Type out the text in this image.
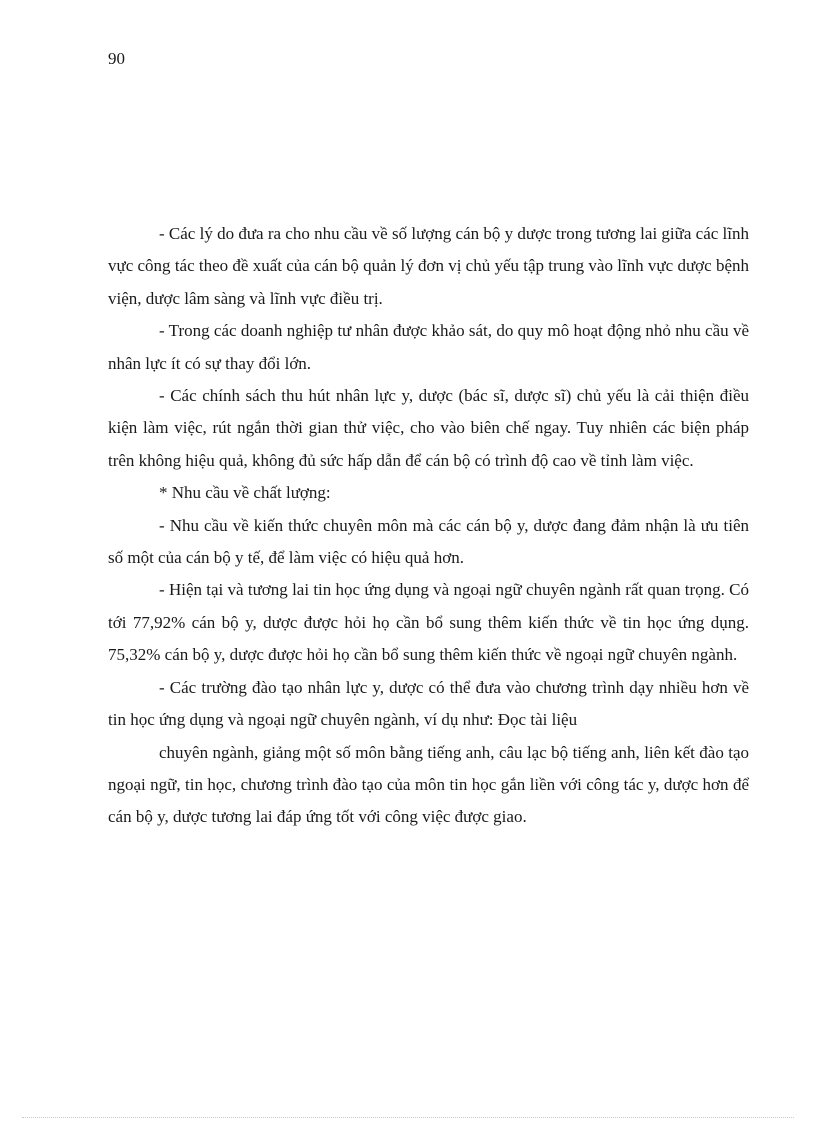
90

- Các lý do đưa ra cho nhu cầu về số lượng cán bộ y dược trong tương lai giữa các lĩnh vực công tác theo đề xuất của cán bộ quản lý đơn vị chủ yếu tập trung vào lĩnh vực dược bệnh viện, dược lâm sàng và lĩnh vực điều trị.

- Trong các doanh nghiệp tư nhân được khảo sát, do quy mô hoạt động nhỏ nhu cầu về nhân lực ít có sự thay đổi lớn.

- Các chính sách thu hút nhân lực y, dược (bác sĩ, dược sĩ) chủ yếu là cải thiện điều kiện làm việc, rút ngắn thời gian thử việc, cho vào biên chế ngay. Tuy nhiên các biện pháp trên không hiệu quả, không đủ sức hấp dẫn để cán bộ có trình độ cao về tỉnh làm việc.

* Nhu cầu về chất lượng:

- Nhu cầu về kiến thức chuyên môn mà các cán bộ y, dược đang đảm nhận là ưu tiên số một của cán bộ y tế, để làm việc có hiệu quả hơn.

- Hiện tại và tương lai tin học ứng dụng và ngoại ngữ chuyên ngành rất quan trọng. Có tới 77,92% cán bộ y, dược được hỏi họ cần bổ sung thêm kiến thức về tin học ứng dụng. 75,32% cán bộ y, dược được hỏi họ cần bổ sung thêm kiến thức về ngoại ngữ chuyên ngành.

- Các trường đào tạo nhân lực y, dược có thể đưa vào chương trình dạy nhiều hơn về tin học ứng dụng và ngoại ngữ chuyên ngành, ví dụ như: Đọc tài liệu

chuyên ngành, giảng một số môn bằng tiếng anh, câu lạc bộ tiếng anh, liên kết đào tạo ngoại ngữ, tin học, chương trình đào tạo của môn tin học gắn liền với công tác y, dược hơn để cán bộ y, dược tương lai đáp ứng tốt với công việc được giao.
